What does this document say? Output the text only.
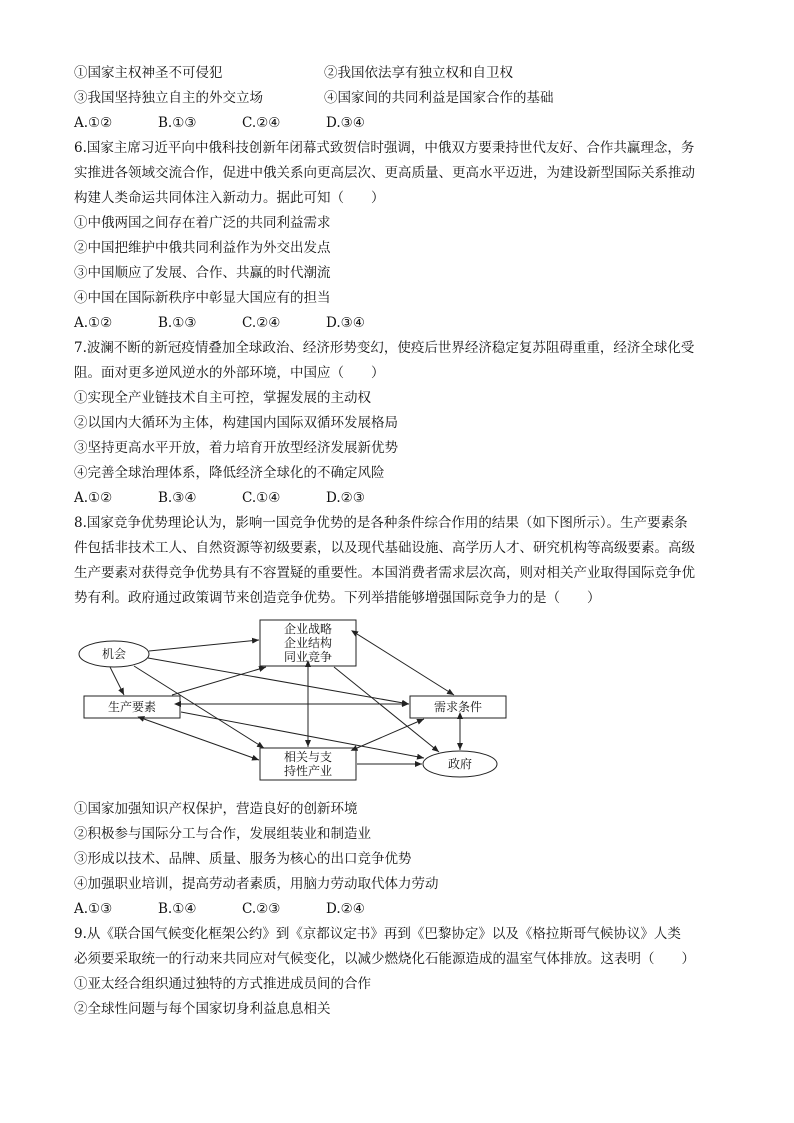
①国家主权神圣不可侵犯	②我国依法享有独立权和自卫权
③我国坚持独立自主的外交立场	④国家间的共同利益是国家合作的基础
A.①②	B.①③	C.②④	D.③④
6.国家主席习近平向中俄科技创新年闭幕式致贺信时强调，中俄双方要秉持世代友好、合作共赢理念，务
实推进各领域交流合作，促进中俄关系向更高层次、更高质量、更高水平迈进，为建设新型国际关系推动
构建人类命运共同体注入新动力。据此可知（　　）
①中俄两国之间存在着广泛的共同利益需求
②中国把维护中俄共同利益作为外交出发点
③中国顺应了发展、合作、共赢的时代潮流
④中国在国际新秩序中彰显大国应有的担当
A.①②	B.①③	C.②④	D.③④
7.波澜不断的新冠疫情叠加全球政治、经济形势变幻，使疫后世界经济稳定复苏阻碍重重，经济全球化受
阻。面对更多逆风逆水的外部环境，中国应（　　）
①实现全产业链技术自主可控，掌握发展的主动权
②以国内大循环为主体，构建国内国际双循环发展格局
③坚持更高水平开放，着力培育开放型经济发展新优势
④完善全球治理体系，降低经济全球化的不确定风险
A.①②	B.③④	C.①④	D.②③
8.国家竞争优势理论认为，影响一国竞争优势的是各种条件综合作用的结果（如下图所示）。生产要素条
件包括非技术工人、自然资源等初级要素，以及现代基础设施、高学历人才、研究机构等高级要素。高级
生产要素对获得竞争优势具有不容置疑的重要性。本国消费者需求层次高，则对相关产业取得国际竞争优
势有利。政府通过政策调节来创造竞争优势。下列举措能够增强国际竞争力的是（　　）
企业战略
企业结构
同业竞争
机会
生产要素	需求条件
相关与支
持性产业	政府
①国家加强知识产权保护，营造良好的创新环境
②积极参与国际分工与合作，发展组装业和制造业
③形成以技术、品牌、质量、服务为核心的出口竞争优势
④加强职业培训，提高劳动者素质，用脑力劳动取代体力劳动
A.①③	B.①④	C.②③	D.②④
9.从《联合国气候变化框架公约》到《京都议定书》再到《巴黎协定》以及《格拉斯哥气候协议》人类
必须要采取统一的行动来共同应对气候变化，以减少燃烧化石能源造成的温室气体排放。这表明（　　）
①亚太经合组织通过独特的方式推进成员间的合作
②全球性问题与每个国家切身利益息息相关
